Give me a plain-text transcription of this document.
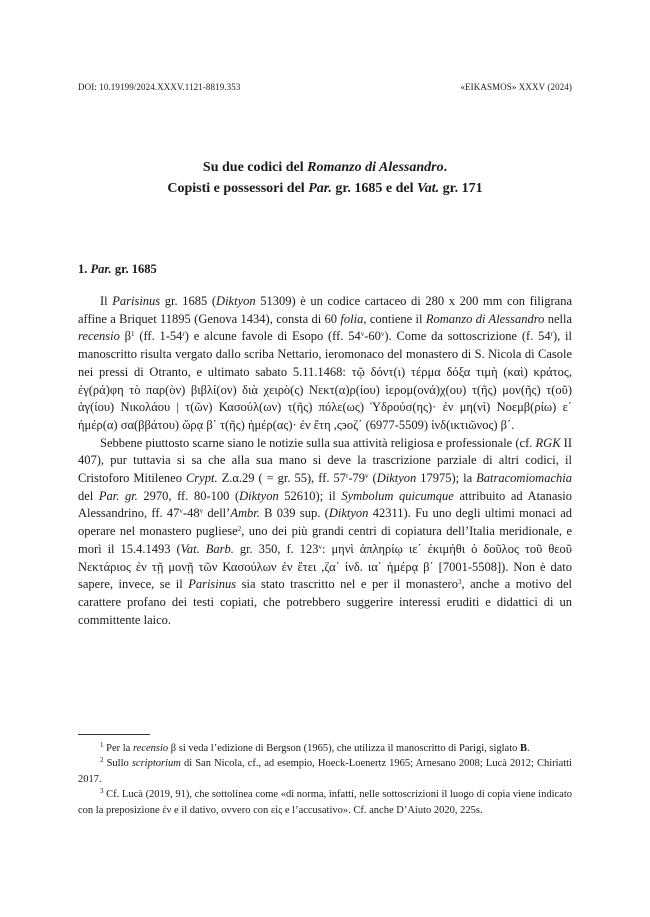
DOI: 10.19199/2024.XXXV.1121-8819.353	«EIKASMOS» XXXV (2024)
Su due codici del Romanzo di Alessandro.
Copisti e possessori del Par. gr. 1685 e del Vat. gr. 171
1. Par. gr. 1685

Il Parisinus gr. 1685 (Diktyon 51309) è un codice cartaceo di 280 x 200 mm con filigrana affine a Briquet 11895 (Genova 1434), consta di 60 folia, contiene il Romanzo di Alessandro nella recensio $\beta^1$ (ff. 1-54$^r$) e alcune favole di Esopo (ff. 54$^v$-60$^v$). Come da sottoscrizione (f. 54$^r$), il manoscritto risulta vergato dallo scriba Nettario, ieromonaco del monastero di S. Nicola di Casole nei pressi di Otranto, e ultimato sabato 5.11.1468: τῷ δόντ(ι) τέρμα δόξα τιμὴ (καὶ) κράτος, ἐγ(ρά)φη τὸ παρ(ὸν) βιβλί(ον) διὰ χειρὸ(ς) Νεκτ(α)ρ(ίου) ἱερομ(ονά)χ(ου) τ(ῆς) μον(ῆς) τ(οῦ) ἁγ(ίου) Νικολάου | τ(ῶν) Κασούλ(ων) τ(ῆς) πόλε(ως) Ὑδρούσ(ης)· ἐν μη(νὶ) Νοεμβ(ρίω) ε΄ ἡμέρ(α) σα(ββάτου) ὥρᾳ β΄ τ(ῆς) ἡμέρ(ας)· ἐν ἔτη ,ς϶οζ΄ (6977-5509) ἰνδ(ικτιῶνος) β΄.

Sebbene piuttosto scarne siano le notizie sulla sua attività religiosa e professionale (cf. RGK II 407), pur tuttavia si sa che alla sua mano si deve la trascrizione parziale di altri codici, il Cristoforo Mitileneo Crypt. Z.α.29 ( = gr. 55), ff. 57$^r$-79$^v$ (Diktyon 17975); la Batracomiomachia del Par. gr. 2970, ff. 80-100 (Diktyon 52610); il Symbolum quicumque attribuito ad Atanasio Alessandrino, ff. 47$^v$-48$^v$ dell’Ambr. B 039 sup. (Diktyon 42311). Fu uno degli ultimi monaci ad operare nel monastero pugliese$^2$, uno dei più grandi centri di copiatura dell’Italia meridionale, e morì il 15.4.1493 (Vat. Barb. gr. 350, f. 123$^v$: μηνὶ ἀπληρίῳ ιε΄ ἐκιμήθι ὁ δοῦλος τοῦ θεοῦ Νεκτάριος ἐν τῇ μονῇ τῶν Κασούλων ἐν ἔτει ,ζα΄ ἰνδ. ια΄ ἡμέρᾳ β΄ [7001-5508]). Non è dato sapere, invece, se il Parisinus sia stato trascritto nel e per il monastero$^3$, anche a motivo del carattere profano dei testi copiati, che potrebbero suggerire interessi eruditi e didattici di un committente laico.

$^1$ Per la recensio β si veda l’edizione di Bergson (1965), che utilizza il manoscritto di Parigi, siglato B.

$^2$ Sullo scriptorium di San Nicola, cf., ad esempio, Hoeck-Loenertz 1965; Arnesano 2008; Lucà 2012; Chiriatti 2017.

$^3$ Cf. Lucà (2019, 91), che sottolinea come «di norma, infatti, nelle sottoscrizioni il luogo di copia viene indicato con la preposizione ἐν e il dativo, ovvero con εἰς e l’accusativo». Cf. anche D’Aiuto 2020, 225s.
